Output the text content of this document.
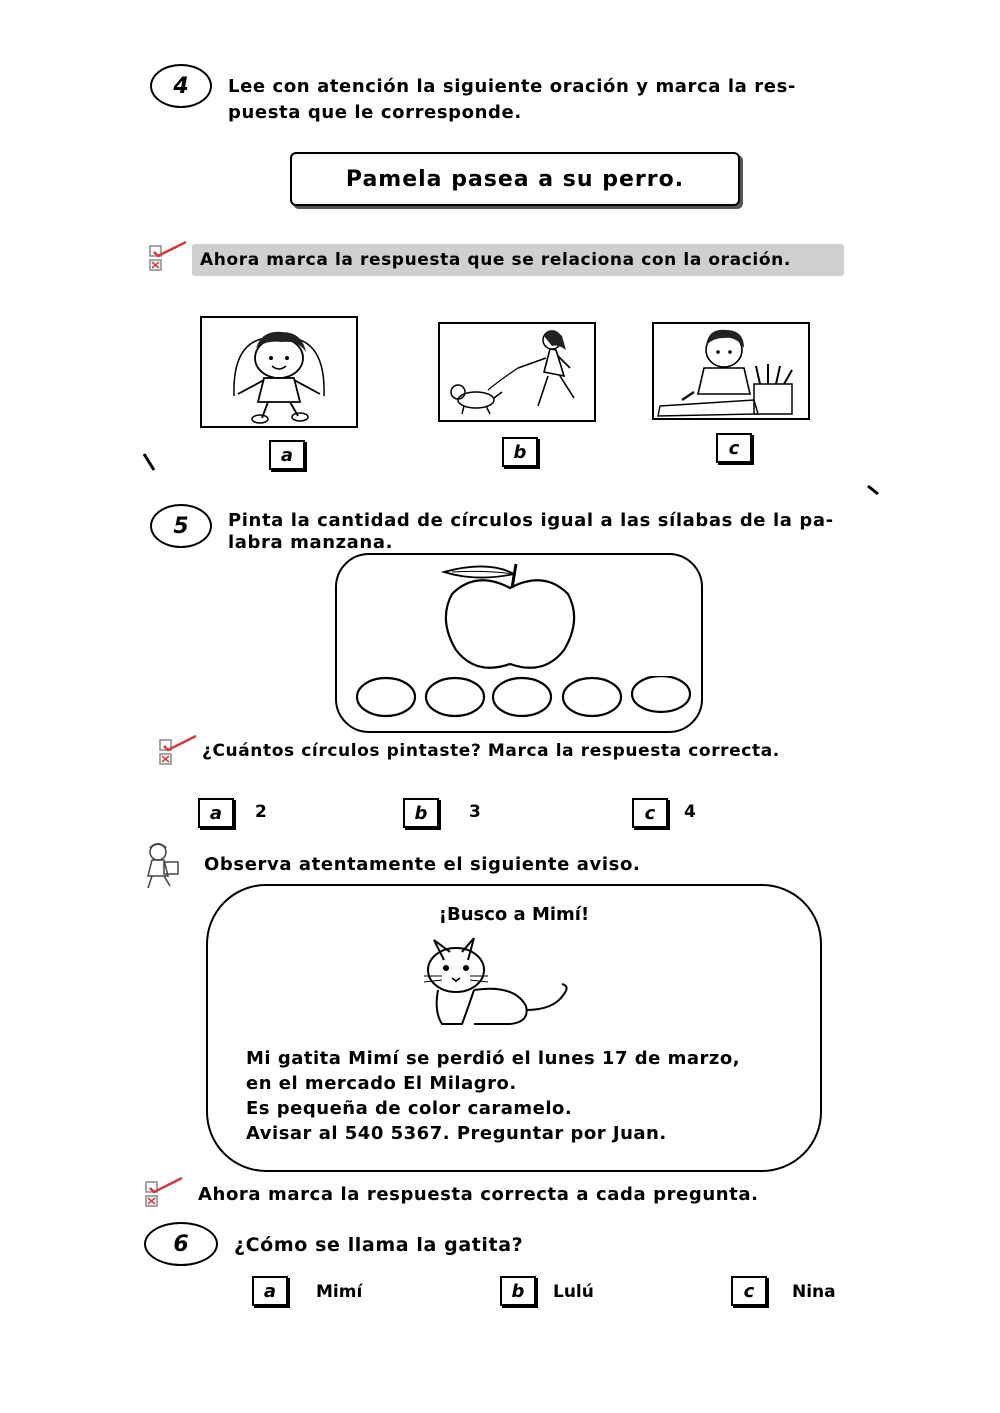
4	Lee con atención la siguiente oración y marca la res-
puesta que le corresponde.
Pamela pasea a su perro.
Ahora marca la respuesta que se relaciona con la oración.
a	b	c
5	Pinta la cantidad de círculos igual a las sílabas de la pa-
labra manzana.
¿Cuántos círculos pintaste? Marca la respuesta correcta.
a	2	b	3	c	4
Observa atentamente el siguiente aviso.
¡Busco a Mimí!
Mi gatita Mimí se perdió el lunes 17 de marzo,
en el mercado El Milagro.
Es pequeña de color caramelo.
Avisar al 540 5367. Preguntar por Juan.
Ahora marca la respuesta correcta a cada pregunta.
6	¿Cómo se llama la gatita?
a	Mimí	b	Lulú	c	Nina
